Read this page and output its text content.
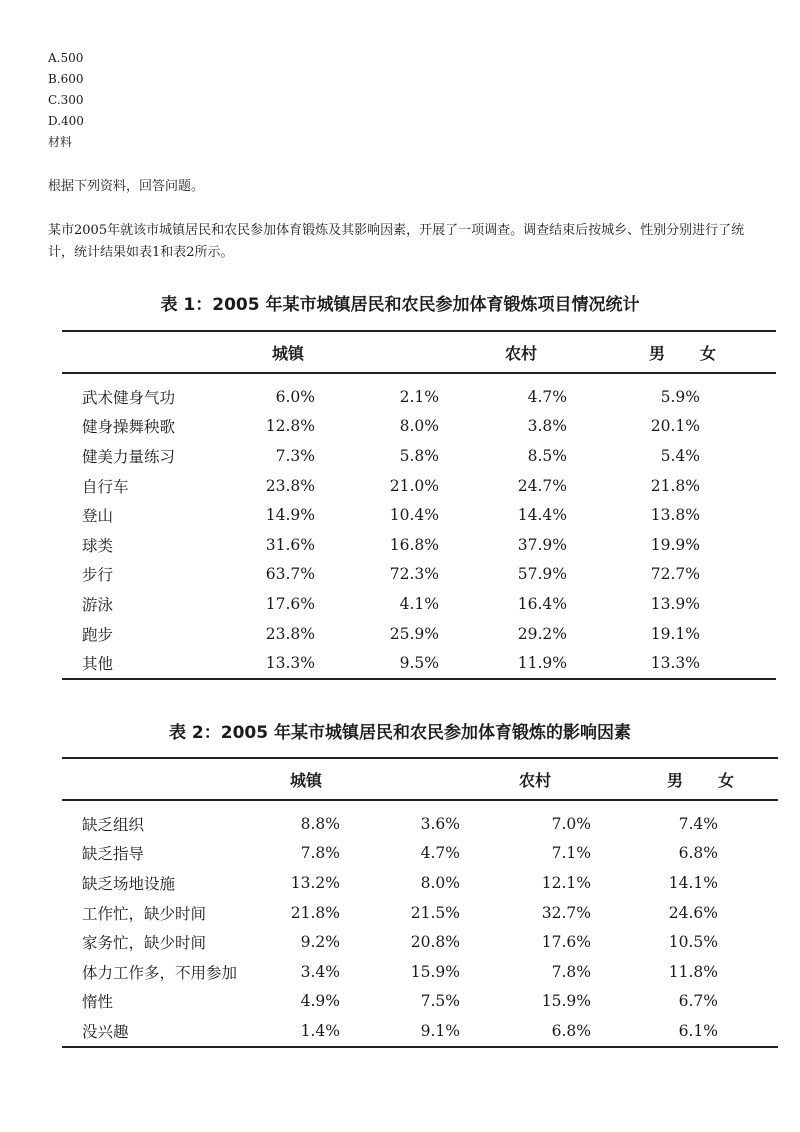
A.500
B.600
C.300
D.400
材料
根据下列资料，回答问题。
某市2005年就该市城镇居民和农民参加体育锻炼及其影响因素，开展了一项调查。调查结束后按城乡、性别分别进行了统计，统计结果如表1和表2所示。
表 1：2005 年某市城镇居民和农民参加体育锻炼项目情况统计
	城镇		农村	男	女
武术健身气功	6.0%	2.1%	4.7%	5.9%	
健身操舞秧歌	12.8%	8.0%	3.8%	20.1%	
健美力量练习	7.3%	5.8%	8.5%	5.4%	
自行车	23.8%	21.0%	24.7%	21.8%	
登山	14.9%	10.4%	14.4%	13.8%	
球类	31.6%	16.8%	37.9%	19.9%	
步行	63.7%	72.3%	57.9%	72.7%	
游泳	17.6%	4.1%	16.4%	13.9%	
跑步	23.8%	25.9%	29.2%	19.1%	
其他	13.3%	9.5%	11.9%	13.3%	
表 2：2005 年某市城镇居民和农民参加体育锻炼的影响因素
	城镇		农村	男	女
缺乏组织	8.8%	3.6%	7.0%	7.4%	
缺乏指导	7.8%	4.7%	7.1%	6.8%	
缺乏场地设施	13.2%	8.0%	12.1%	14.1%	
工作忙，缺少时间	21.8%	21.5%	32.7%	24.6%	
家务忙，缺少时间	9.2%	20.8%	17.6%	10.5%	
体力工作多，不用参加	3.4%	15.9%	7.8%	11.8%	
惰性	4.9%	7.5%	15.9%	6.7%	
没兴趣	1.4%	9.1%	6.8%	6.1%	
